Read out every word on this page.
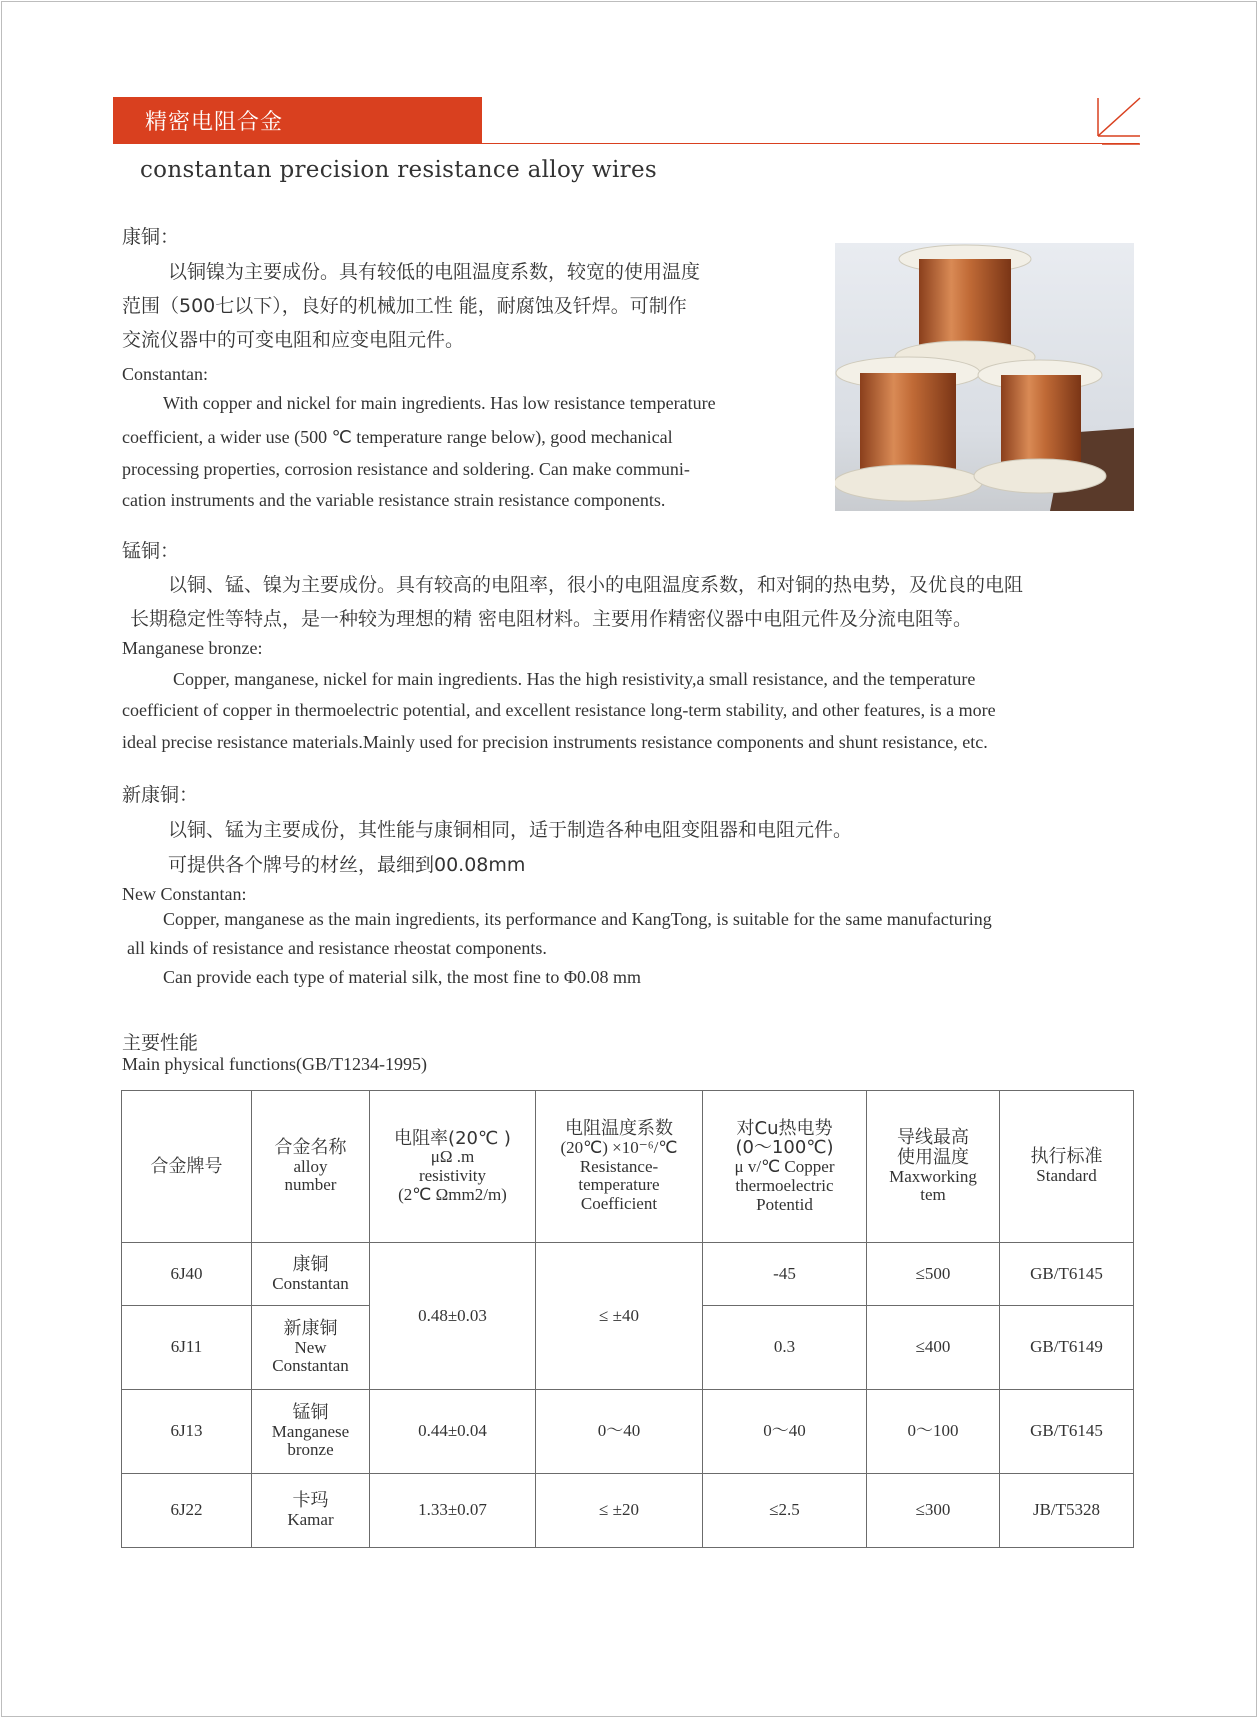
精密电阻合金
constantan precision resistance alloy wires
康铜：
以铜镍为主要成份。具有较低的电阻温度系数，较宽的使用温度
范围（500七以下），良好的机械加工性 能，耐腐蚀及钎焊。可制作
交流仪器中的可变电阻和应变电阻元件。
Constantan:
With copper and nickel for main ingredients. Has low resistance temperature
coefficient, a wider use (500 ℃ temperature range below), good mechanical
processing properties, corrosion resistance and soldering. Can make communi-
cation instruments and the variable resistance strain resistance components.
锰铜：
以铜、锰、镍为主要成份。具有较高的电阻率，很小的电阻温度系数，和对铜的热电势，及优良的电阻
长期稳定性等特点，是一种较为理想的精 密电阻材料。主要用作精密仪器中电阻元件及分流电阻等。
Manganese bronze:
Copper, manganese, nickel for main ingredients. Has the high resistivity,a small resistance, and the temperature
coefficient of copper in thermoelectric potential, and excellent resistance long-term stability, and other features, is a more
ideal precise resistance materials.Mainly used for precision instruments resistance components and shunt resistance, etc.
新康铜：
以铜、锰为主要成份，其性能与康铜相同，适于制造各种电阻变阻器和电阻元件。
可提供各个牌号的材丝，最细到00.08mm
New Constantan:
Copper, manganese as the main ingredients, its performance and KangTong, is suitable for the same manufacturing
all kinds of resistance and resistance rheostat components.
Can provide each type of material silk, the most fine to Φ0.08 mm
主要性能
Main physical functions(GB/T1234-1995)
合金牌号	合金名称
alloy
number	电阻率(20℃ )
μΩ .m
resistivity
(2℃ Ωmm2/m)	电阻温度系数
(20℃) ×10⁻⁶/℃
Resistance-
temperature
Coefficient	对Cu热电势
(0～100℃)
μ v/℃ Copper
thermoelectric
Potentid	导线最高
使用温度
Maxworking
tem	执行标准
Standard

6J40	康铜
Constantan	0.48±0.03	≤ ±40	-45	≤500	GB/T6145
6J11	新康铜
New
Constantan			0.3	≤400	GB/T6149
6J13	锰铜
Manganese
bronze	0.44±0.04	0～40	0～40	0～100	GB/T6145
6J22	卡玛
Kamar	1.33±0.07	≤ ±20	≤2.5	≤300	JB/T5328
